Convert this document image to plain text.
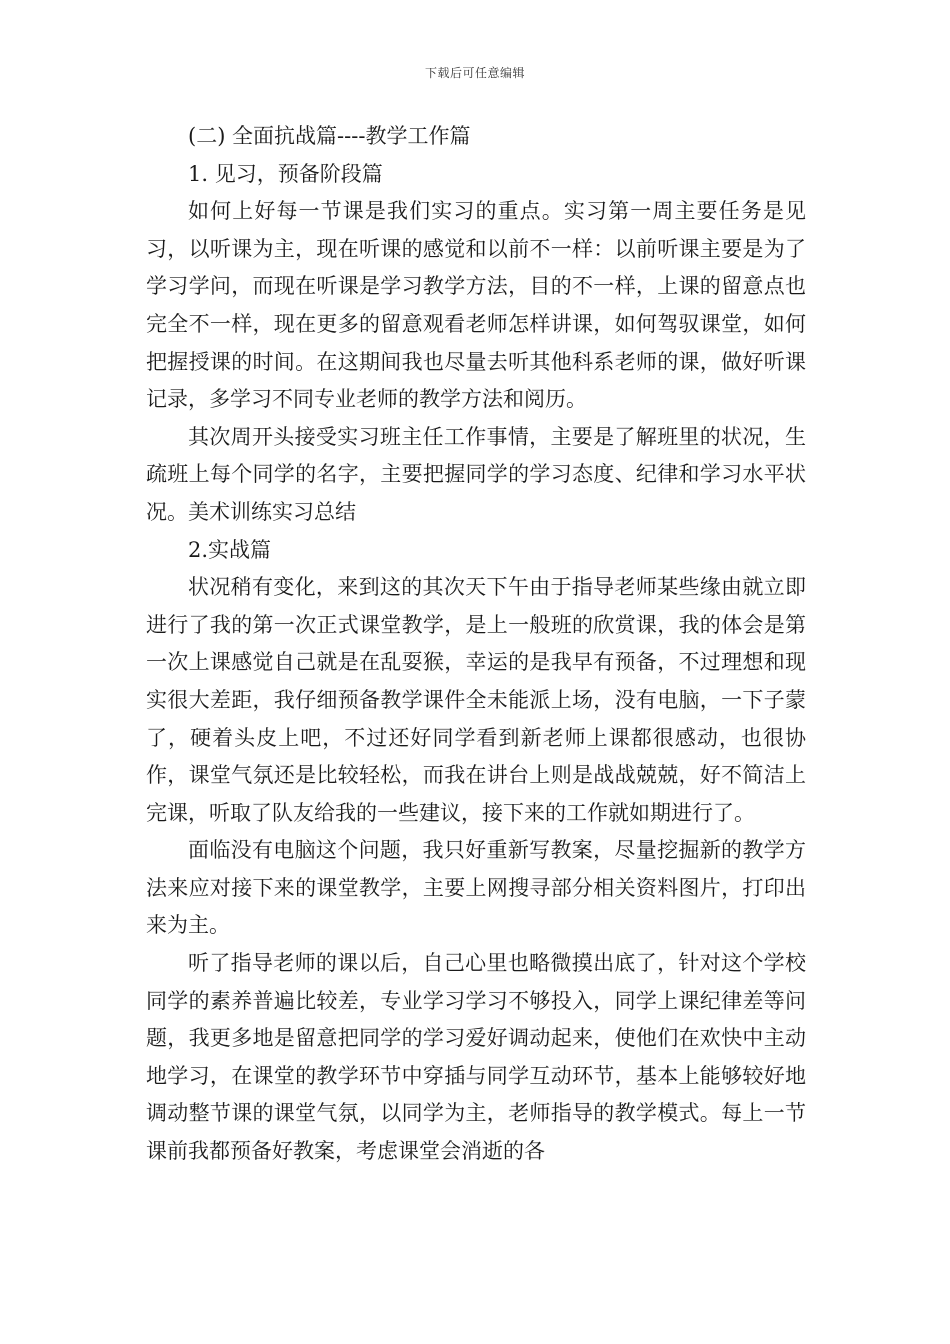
下载后可任意编辑
(二) 全面抗战篇----教学工作篇
1. 见习，预备阶段篇

如何上好每一节课是我们实习的重点。实习第一周主要任务是见习，以听课为主，现在听课的感觉和以前不一样：以前听课主要是为了学习学问，而现在听课是学习教学方法，目的不一样，上课的留意点也完全不一样，现在更多的留意观看老师怎样讲课，如何驾驭课堂，如何把握授课的时间。在这期间我也尽量去听其他科系老师的课，做好听课记录，多学习不同专业老师的教学方法和阅历。

其次周开头接受实习班主任工作事情，主要是了解班里的状况，生疏班上每个同学的名字，主要把握同学的学习态度、纪律和学习水平状况。美术训练实习总结

2.实战篇

状况稍有变化，来到这的其次天下午由于指导老师某些缘由就立即进行了我的第一次正式课堂教学，是上一般班的欣赏课，我的体会是第一次上课感觉自己就是在乱耍猴，幸运的是我早有预备，不过理想和现实很大差距，我仔细预备教学课件全未能派上场，没有电脑，一下子蒙了，硬着头皮上吧，不过还好同学看到新老师上课都很感动，也很协作，课堂气氛还是比较轻松，而我在讲台上则是战战兢兢，好不简洁上完课，听取了队友给我的一些建议，接下来的工作就如期进行了。

面临没有电脑这个问题，我只好重新写教案，尽量挖掘新的教学方法来应对接下来的课堂教学，主要上网搜寻部分相关资料图片，打印出来为主。

听了指导老师的课以后，自己心里也略微摸出底了，针对这个学校同学的素养普遍比较差，专业学习学习不够投入，同学上课纪律差等问题，我更多地是留意把同学的学习爱好调动起来，使他们在欢快中主动地学习，在课堂的教学环节中穿插与同学互动环节，基本上能够较好地调动整节课的课堂气氛，以同学为主，老师指导的教学模式。每上一节课前我都预备好教案，考虑课堂会消逝的各
